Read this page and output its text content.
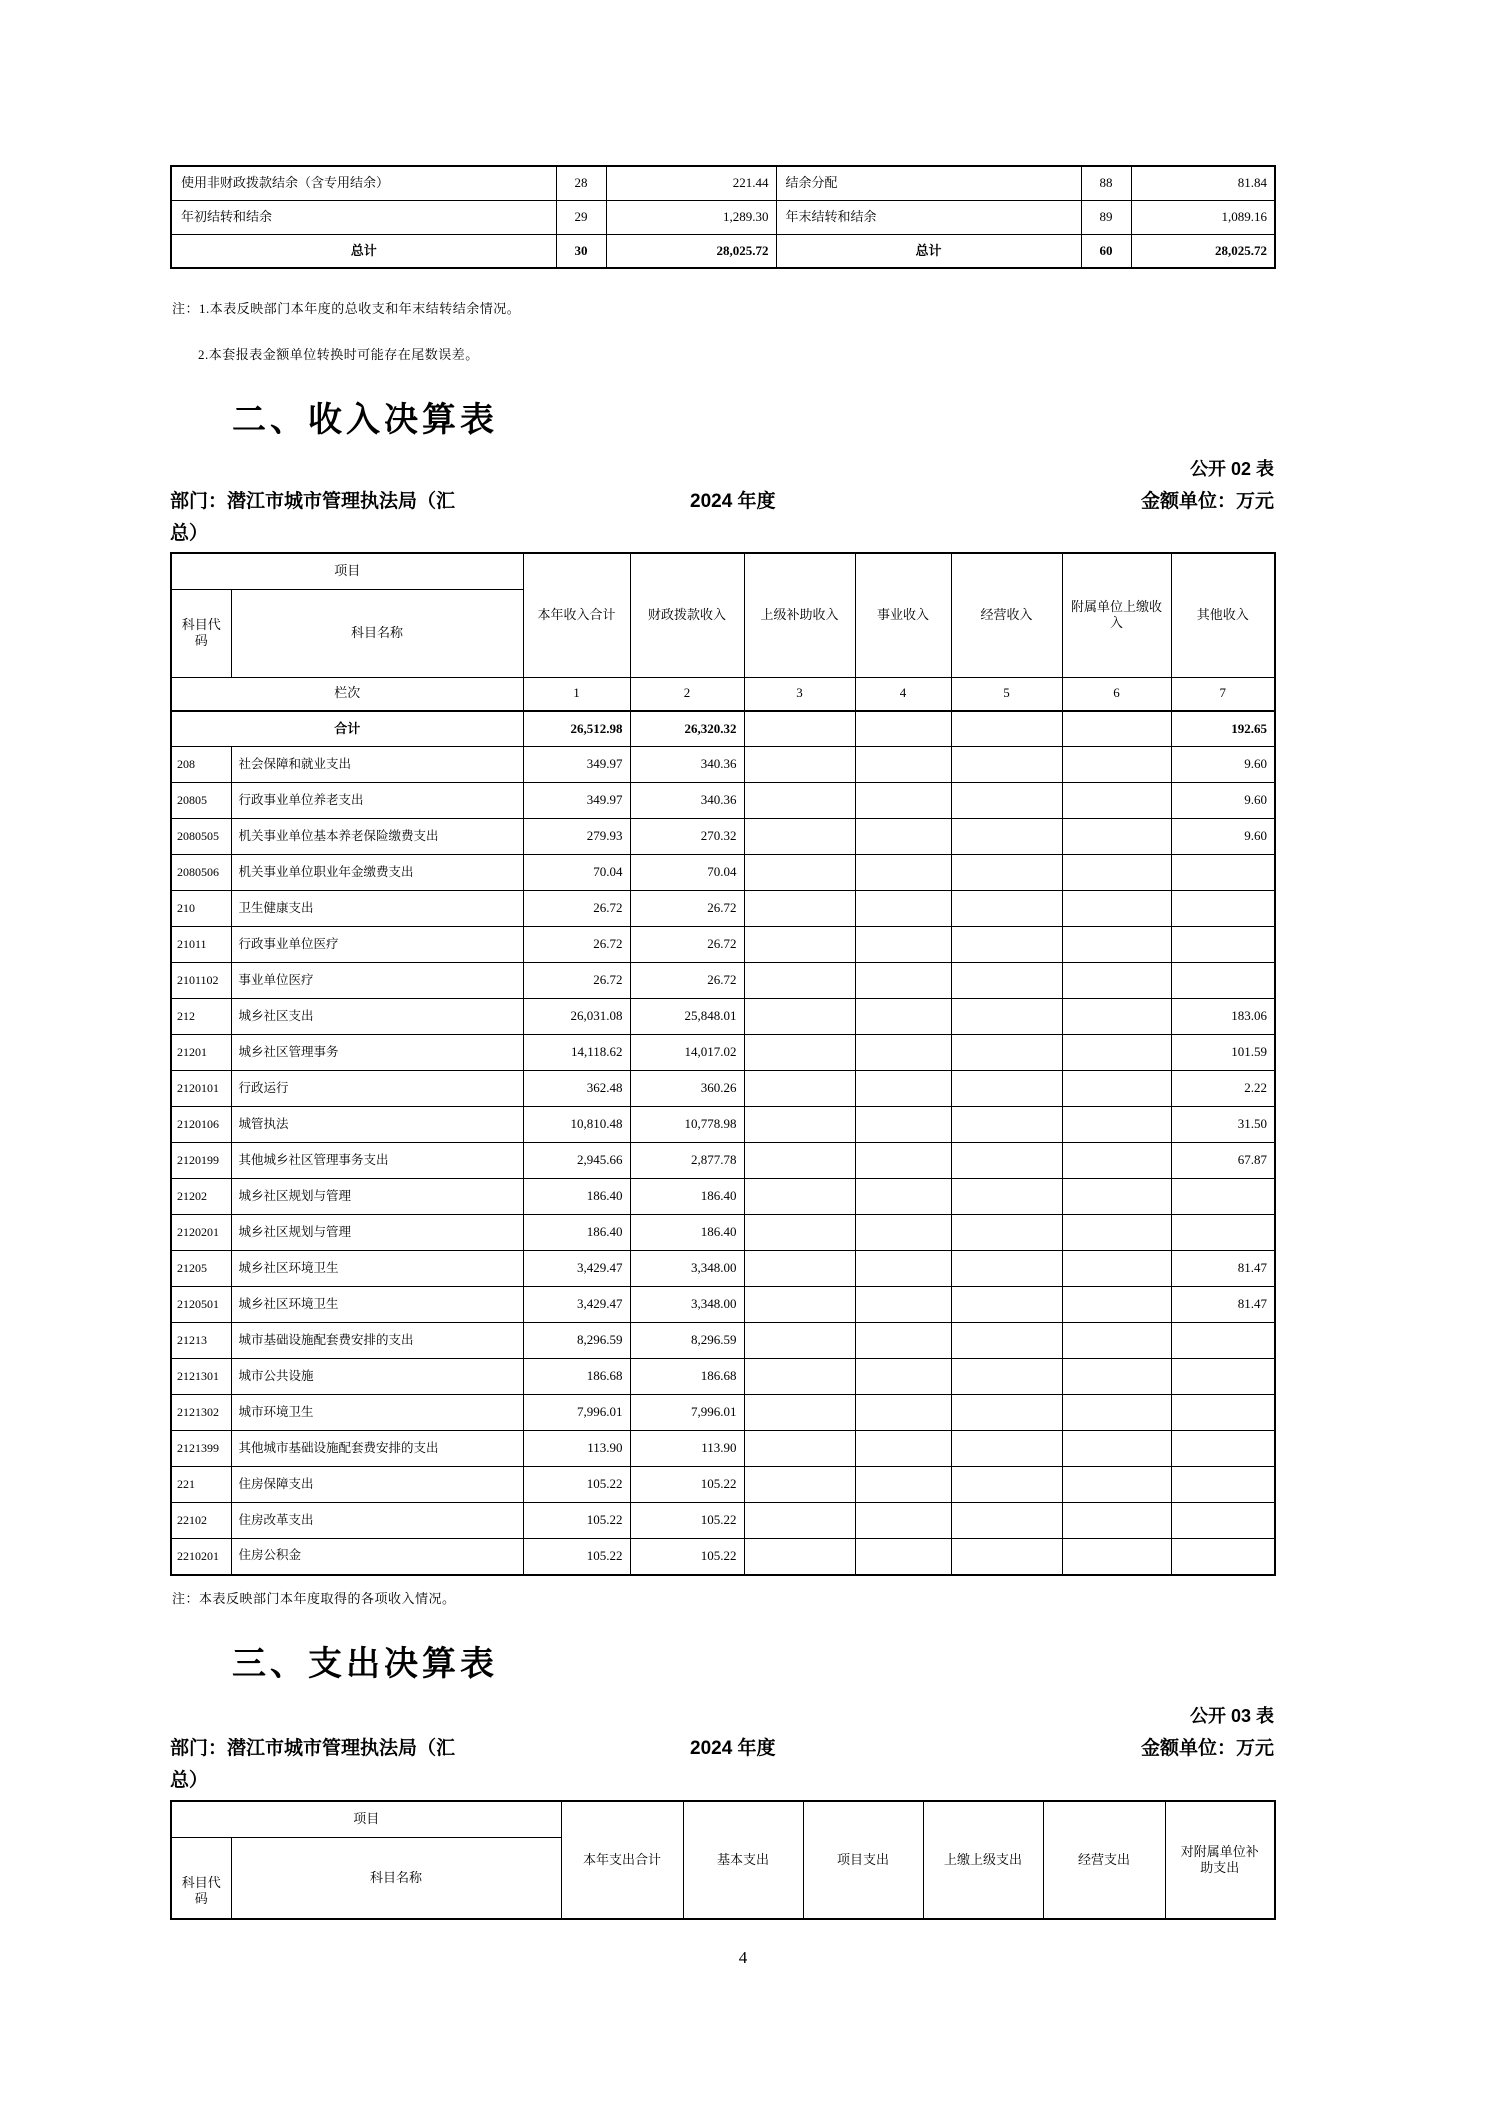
使用非财政拨款结余（含专用结余）	28	221.44	结余分配	88	81.84
年初结转和结余	29	1,289.30	年末结转和结余	89	1,089.16
总计	30	28,025.72	总计	60	28,025.72
注：1.本表反映部门本年度的总收支和年末结转结余情况。
2.本套报表金额单位转换时可能存在尾数误差。
二、收入决算表
公开 02 表
部门：潜江市城市管理执法局（汇	2024 年度	金额单位：万元
总）
项目		本年收入合计	财政拨款收入	上级补助收入	事业收入	经营收入	附属单位上缴收入	其他收入

科目代码	科目名称							
栏次		1	2	3	4	5	6	7
合计		26,512.98	26,320.32					192.65
208	社会保障和就业支出	349.97	340.36					9.60
20805	行政事业单位养老支出	349.97	340.36					9.60
2080505	机关事业单位基本养老保险缴费支出	279.93	270.32					9.60
2080506	机关事业单位职业年金缴费支出	70.04	70.04					
210	卫生健康支出	26.72	26.72					
21011	行政事业单位医疗	26.72	26.72					
2101102	事业单位医疗	26.72	26.72					
212	城乡社区支出	26,031.08	25,848.01					183.06
21201	城乡社区管理事务	14,118.62	14,017.02					101.59
2120101	行政运行	362.48	360.26					2.22
2120106	城管执法	10,810.48	10,778.98					31.50
2120199	其他城乡社区管理事务支出	2,945.66	2,877.78					67.87
21202	城乡社区规划与管理	186.40	186.40					
2120201	城乡社区规划与管理	186.40	186.40					
21205	城乡社区环境卫生	3,429.47	3,348.00					81.47
2120501	城乡社区环境卫生	3,429.47	3,348.00					81.47
21213	城市基础设施配套费安排的支出	8,296.59	8,296.59					
2121301	城市公共设施	186.68	186.68					
2121302	城市环境卫生	7,996.01	7,996.01					
2121399	其他城市基础设施配套费安排的支出	113.90	113.90					
221	住房保障支出	105.22	105.22					
22102	住房改革支出	105.22	105.22					
2210201	住房公积金	105.22	105.22					
注：本表反映部门本年度取得的各项收入情况。
三、支出决算表
公开 03 表
部门：潜江市城市管理执法局（汇	2024 年度	金额单位：万元
总）
项目		本年支出合计	基本支出	项目支出	上缴上级支出	经营支出	对附属单位补助支出

科目代码	科目名称						
4
